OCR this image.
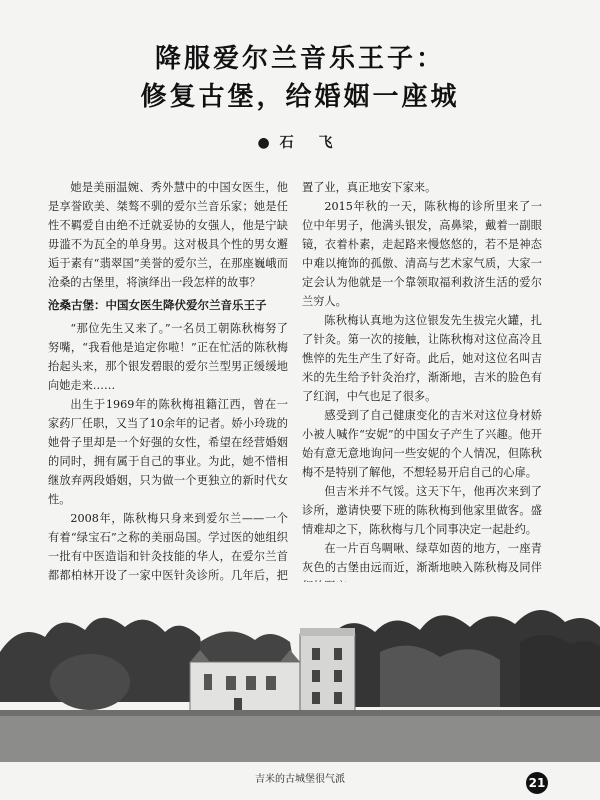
降服爱尔兰音乐王子：
修复古堡，给婚姻一座城
●石 飞

她是美丽温婉、秀外慧中的中国女医生，他是享誉欧美、桀骜不驯的爱尔兰音乐家；她是任性不羁爱自由绝不迁就妥协的女强人，他是宁缺毋滥不为瓦全的单身男。这对极具个性的男女邂逅于素有“翡翠国”美誉的爱尔兰，在那座巍峨而沧桑的古堡里，将演绎出一段怎样的故事？

沧桑古堡：中国女医生降伏爱尔兰音乐王子

“那位先生又来了。”一名员工朝陈秋梅努了努嘴，“我看他是追定你啦！”正在忙活的陈秋梅抬起头来，那个银发碧眼的爱尔兰型男正缓缓地向她走来……

出生于1969年的陈秋梅祖籍江西，曾在一家药厂任职，又当了10余年的记者。娇小玲珑的她骨子里却是一个好强的女性，希望在经营婚姻的同时，拥有属于自己的事业。为此，她不惜相继放弃两段婚姻，只为做一个更独立的新时代女性。

2008年，陈秋梅只身来到爱尔兰——一个有着“绿宝石”之称的美丽岛国。学过医的她组织一批有中医造诣和针灸技能的华人，在爱尔兰首都都柏林开设了一家中医针灸诊所。几年后，把

置了业，真正地安下家来。

2015年秋的一天，陈秋梅的诊所里来了一位中年男子，他满头银发，高鼻梁，戴着一副眼镜，衣着朴素，走起路来慢悠悠的，若不是神态中难以掩饰的孤傲、清高与艺术家气质，大家一定会认为他就是一个靠领取福利救济生活的爱尔兰穷人。

陈秋梅认真地为这位银发先生拔完火罐，扎了针灸。第一次的接触，让陈秋梅对这位高冷且憔悴的先生产生了好奇。此后，她对这位名叫吉米的先生给予针灸治疗，渐渐地，吉米的脸色有了红润，中气也足了很多。

感受到了自己健康变化的吉米对这位身材娇小被人喊作“安妮”的中国女子产生了兴趣。他开始有意无意地询问一些安妮的个人情况，但陈秋梅不是特别了解他，不想轻易开启自己的心扉。

但吉米并不气馁。这天下午，他再次来到了诊所，邀请快要下班的陈秋梅到他家里做客。盛情难却之下，陈秋梅与几个同事决定一起赴约。

在一片百鸟啁啾、绿草如茵的地方，一座青灰色的古堡由远而近，渐渐地映入陈秋梅及同伴

吉米的古城堡很气派	21
